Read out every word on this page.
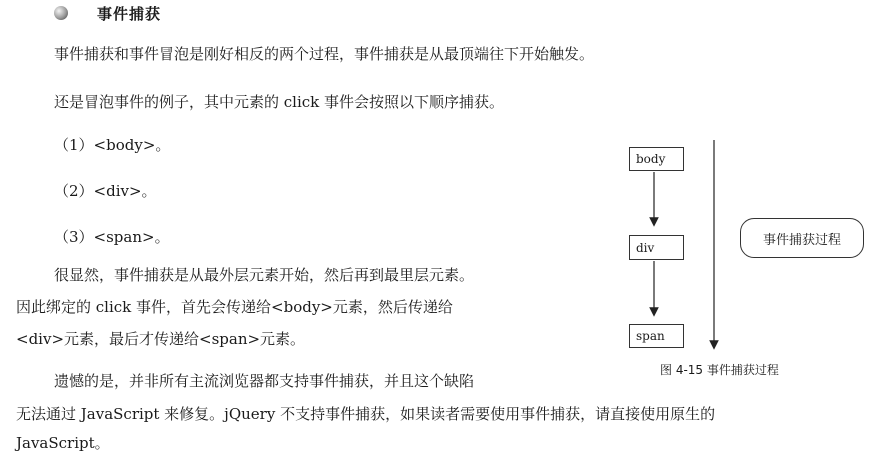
事件捕获
事件捕获和事件冒泡是刚好相反的两个过程，事件捕获是从最顶端往下开始触发。
还是冒泡事件的例子，其中元素的 click 事件会按照以下顺序捕获。
（1）<body>。
（2）<div>。
（3）<span>。
很显然，事件捕获是从最外层元素开始，然后再到最里层元素。
因此绑定的 click 事件，首先会传递给<body>元素，然后传递给
<div>元素，最后才传递给<span>元素。
遗憾的是，并非所有主流浏览器都支持事件捕获，并且这个缺陷
无法通过 JavaScript 来修复。jQuery 不支持事件捕获，如果读者需要使用事件捕获，请直接使用原生的
JavaScript。
body
div
span
事件捕获过程
图 4-15 事件捕获过程
